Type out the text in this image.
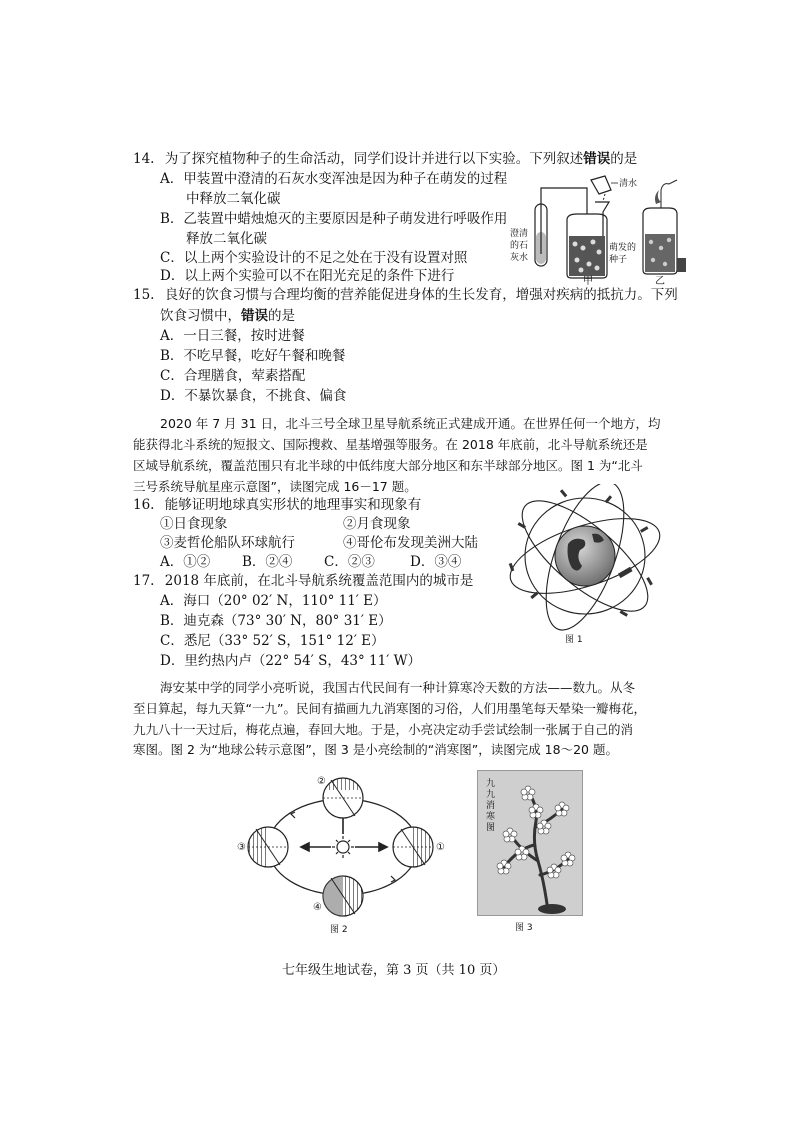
14. 为了探究植物种子的生命活动，同学们设计并进行以下实验。下列叙述错误的是
A．甲装置中澄清的石灰水变浑浊是因为种子在萌发的过程
中释放二氧化碳
B．乙装置中蜡烛熄灭的主要原因是种子萌发进行呼吸作用
释放二氧化碳
C．以上两个实验设计的不足之处在于没有设置对照
D．以上两个实验可以不在阳光充足的条件下进行
清水
澄清
的石
灰水
萌发的
种子
甲	乙
15. 良好的饮食习惯与合理均衡的营养能促进身体的生长发育，增强对疾病的抵抗力。下列
饮食习惯中，错误的是
A．一日三餐，按时进餐
B．不吃早餐，吃好午餐和晚餐
C．合理膳食，荤素搭配
D．不暴饮暴食，不挑食、偏食
2020 年 7 月 31 日，北斗三号全球卫星导航系统正式建成开通。在世界任何一个地方，均
能获得北斗系统的短报文、国际搜救、星基增强等服务。在 2018 年底前，北斗导航系统还是
区域导航系统，覆盖范围只有北半球的中低纬度大部分地区和东半球部分地区。图 1 为“北斗
三号系统导航星座示意图”，读图完成 16－17 题。
16. 能够证明地球真实形状的地理事实和现象有
①日食现象	②月食现象
③麦哲伦船队环球航行	④哥伦布发现美洲大陆
A．①② B．②④ C．②③	D．③④
17. 2018 年底前，在北斗导航系统覆盖范围内的城市是
A．海口（20° 02′ N，110° 11′ E）
B．迪克森（73° 30′ N，80° 31′ E）
C．悉尼（33° 52′ S，151° 12′ E）
D．里约热内卢（22° 54′ S，43° 11′ W）
图 1
海安某中学的同学小亮听说，我国古代民间有一种计算寒冷天数的方法——数九。从冬
至日算起，每九天算“一九”。民间有描画九九消寒图的习俗，人们用墨笔每天晕染一瓣梅花，
九九八十一天过后，梅花点遍，春回大地。于是，小亮决定动手尝试绘制一张属于自己的消
寒图。图 2 为“地球公转示意图”，图 3 是小亮绘制的“消寒图”，读图完成 18～20 题。
②
③	①
④
图 2
九九消寒图
图 3
七年级生地试卷，第 3 页（共 10 页）
